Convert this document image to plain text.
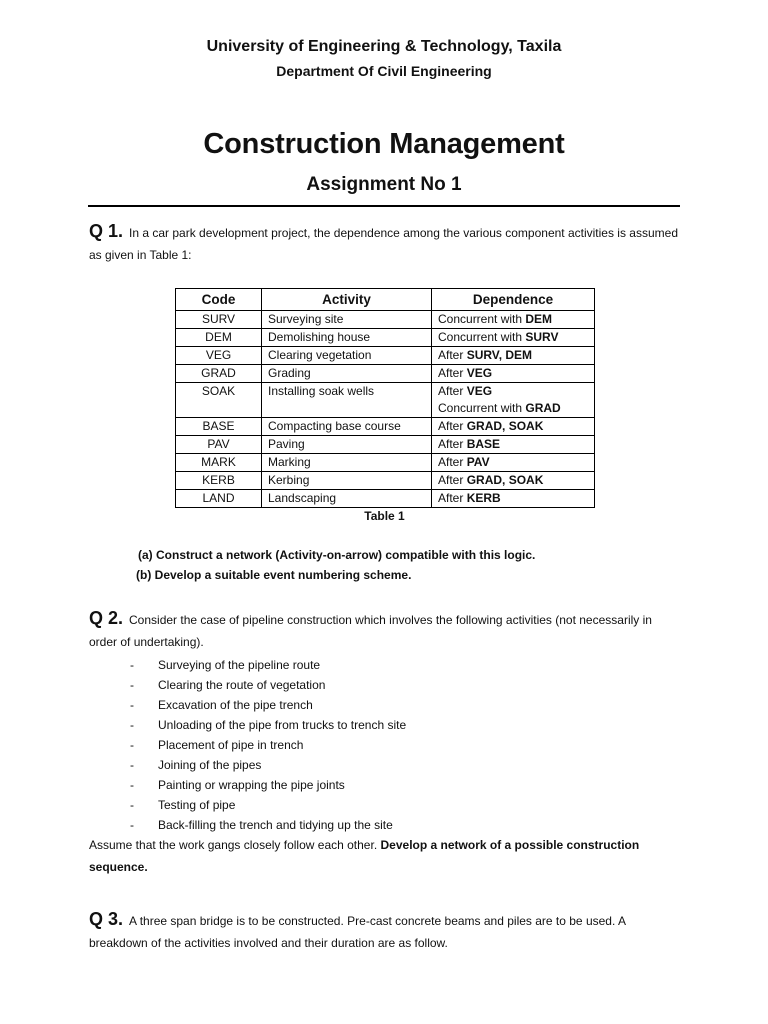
University of Engineering & Technology, Taxila
Department Of Civil Engineering
Construction Management
Assignment No 1
Q 1. In a car park development project, the dependence among the various component activities is assumed as given in Table 1:
Code	Activity	Dependence
SURV	Surveying site	Concurrent with DEM
DEM	Demolishing house	Concurrent with SURV
VEG	Clearing vegetation	After SURV, DEM
GRAD	Grading	After VEG
SOAK	Installing soak wells	After VEG
Concurrent with GRAD
BASE	Compacting base course	After GRAD, SOAK
PAV	Paving	After BASE
MARK	Marking	After PAV
KERB	Kerbing	After GRAD, SOAK
LAND	Landscaping	After KERB
Table 1
(a) Construct a network (Activity-on-arrow) compatible with this logic.
(b) Develop a suitable event numbering scheme.
Q 2. Consider the case of pipeline construction which involves the following activities (not necessarily in order of undertaking).
- Surveying of the pipeline route
- Clearing the route of vegetation
- Excavation of the pipe trench
- Unloading of the pipe from trucks to trench site
- Placement of pipe in trench
- Joining of the pipes
- Painting or wrapping the pipe joints
- Testing of pipe
- Back-filling the trench and tidying up the site
Assume that the work gangs closely follow each other. Develop a network of a possible construction sequence.
Q 3. A three span bridge is to be constructed. Pre-cast concrete beams and piles are to be used. A breakdown of the activities involved and their duration are as follow.
